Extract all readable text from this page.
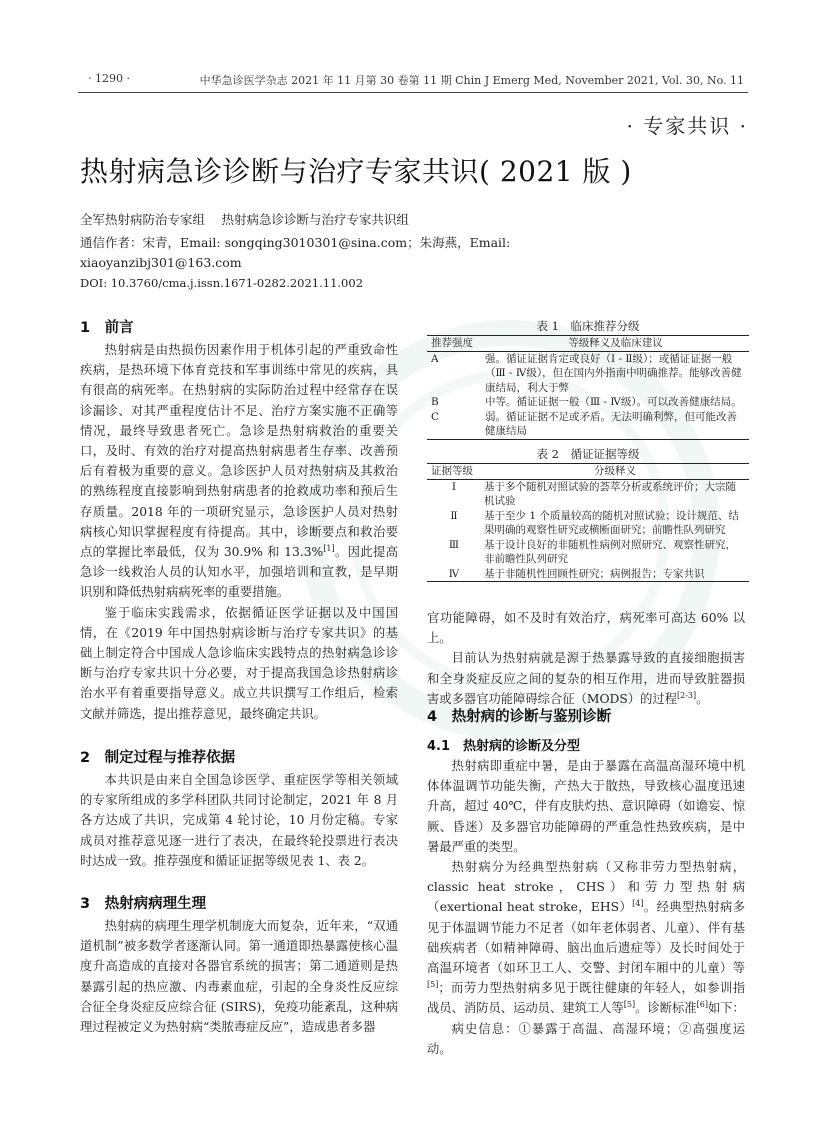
· 1290 ·	中华急诊医学杂志 2021 年 11 月第 30 卷第 11 期 Chin J Emerg Med, November 2021, Vol. 30, No. 11
· 专家共识 ·
热射病急诊诊断与治疗专家共识( 2021 版 )
全军热射病防治专家组　 热射病急诊诊断与治疗专家共识组
通信作者：宋青，Email: songqing3010301@sina.com；朱海燕，Email:
xiaoyanzibj301@163.com
DOI: 10.3760/cma.j.issn.1671-0282.2021.11.002
1　前言

热射病是由热损伤因素作用于机体引起的严重致命性疾病，是热环境下体育竞技和军事训练中常见的疾病，具有很高的病死率。在热射病的实际防治过程中经常存在误诊漏诊、对其严重程度估计不足、治疗方案实施不正确等情况，最终导致患者死亡。急诊是热射病救治的重要关口，及时、有效的治疗对提高热射病患者生存率、改善预后有着极为重要的意义。急诊医护人员对热射病及其救治的熟练程度直接影响到热射病患者的抢救成功率和预后生存质量。2018 年的一项研究显示，急诊医护人员对热射病核心知识掌握程度有待提高。其中，诊断要点和救治要点的掌握比率最低，仅为 30.9% 和 13.3%[1]。因此提高急诊一线救治人员的认知水平，加强培训和宣教，是早期识别和降低热射病病死率的重要措施。

鉴于临床实践需求，依据循证医学证据以及中国国情，在《2019 年中国热射病诊断与治疗专家共识》的基础上制定符合中国成人急诊临床实践特点的热射病急诊诊断与治疗专家共识十分必要，对于提高我国急诊热射病诊治水平有着重要指导意义。成立共识撰写工作组后，检索文献并筛选，提出推荐意见，最终确定共识。

2　制定过程与推荐依据

本共识是由来自全国急诊医学、重症医学等相关领域的专家所组成的多学科团队共同讨论制定，2021 年 8 月各方达成了共识，完成第 4 轮讨论，10 月份定稿。专家成员对推荐意见逐一进行了表决，在最终轮投票进行表决时达成一致。推荐强度和循证证据等级见表 1、表 2。

3　热射病病理生理

热射病的病理生理学机制庞大而复杂，近年来，“双通道机制”被多数学者逐渐认同。第一通道即热暴露使核心温度升高造成的直接对各器官系统的损害；第二通道则是热暴露引起的热应激、内毒素血症，引起的全身炎性反应综合征全身炎症反应综合征 (SIRS)，免疫功能紊乱，这种病理过程被定义为热射病“类脓毒症反应”，造成患者多器

表 1　临床推荐分级
推荐强度	等级释义及临床建议
A	强。循证证据肯定或良好（Ⅰ - Ⅱ级）；或循证证据一般（Ⅲ - Ⅳ级），但在国内外指南中明确推荐。能够改善健康结局，利大于弊
B	中等。循证证据一般（Ⅲ - Ⅳ级）。可以改善健康结局。
C	弱。循证证据不足或矛盾。无法明确利弊，但可能改善健康结局
表 2　循证证据等级
证据等级	分级释义
Ⅰ	基于多个随机对照试验的荟萃分析或系统评价；大宗随机试验
Ⅱ	基于至少 1 个质量较高的随机对照试验；设计规范、结果明确的观察性研究或横断面研究；前瞻性队列研究
Ⅲ	基于设计良好的非随机性病例对照研究、观察性研究，非前瞻性队列研究
Ⅳ	基于非随机性回顾性研究；病例报告；专家共识

官功能障碍，如不及时有效治疗，病死率可高达 60% 以上。

目前认为热射病就是源于热暴露导致的直接细胞损害和全身炎症反应之间的复杂的相互作用，进而导致脏器损害或多器官功能障碍综合征（MODS）的过程[2-3]。

4　热射病的诊断与鉴别诊断
4.1　热射病的诊断及分型

热射病即重症中暑，是由于暴露在高温高湿环境中机体体温调节功能失衡，产热大于散热，导致核心温度迅速升高，超过 40℃，伴有皮肤灼热、意识障碍（如谵妄、惊厥、昏迷）及多器官功能障碍的严重急性热致疾病，是中暑最严重的类型。

热射病分为经典型热射病（又称非劳力型热射病，classic heat stroke，CHS）和劳力型热射病（exertional heat stroke，EHS）[4]。经典型热射病多见于体温调节能力不足者（如年老体弱者、儿童）、伴有基础疾病者（如精神障碍、脑出血后遗症等）及长时间处于高温环境者（如环卫工人、交警、封闭车厢中的儿童）等[5]；而劳力型热射病多见于既往健康的年轻人，如参训指战员、消防员、运动员、建筑工人等[5]。诊断标准[6]如下：

病史信息：①暴露于高温、高湿环境；②高强度运动。
